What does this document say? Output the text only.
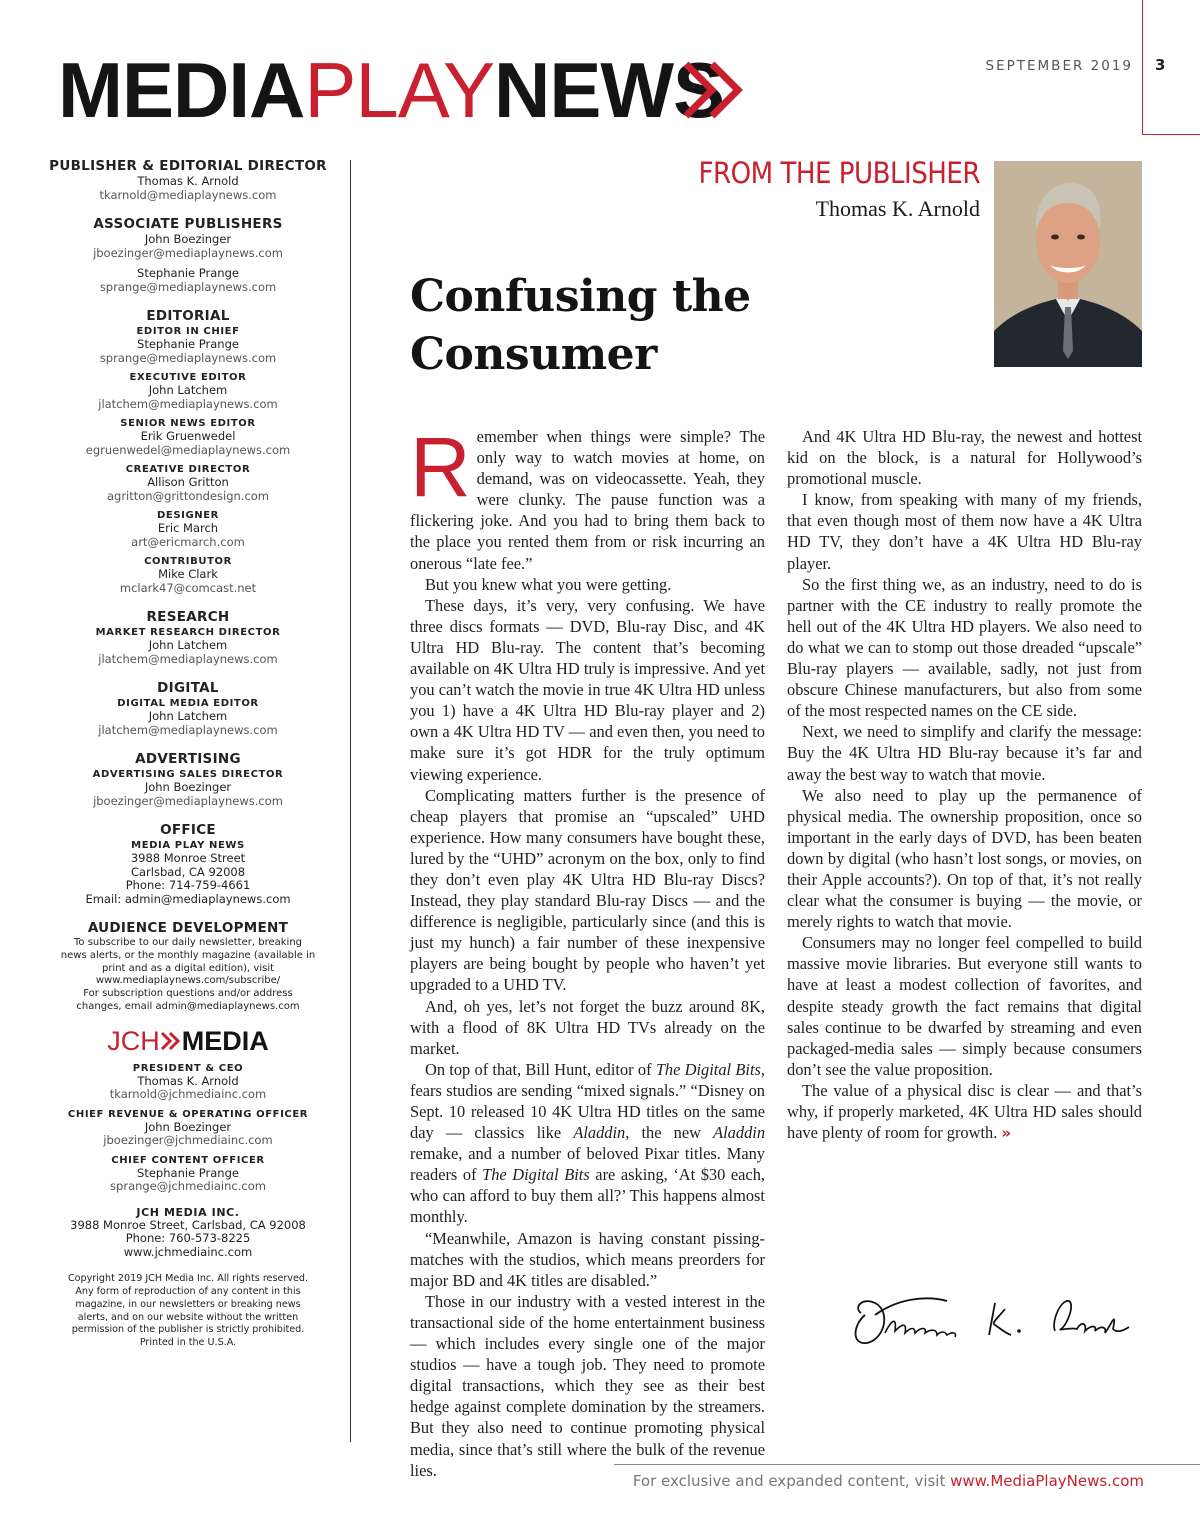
MEDIAPLAYNEWS	SEPTEMBER 2019 3
PUBLISHER & EDITORIAL DIRECTOR
Thomas K. Arnold
tkarnold@mediaplaynews.com
ASSOCIATE PUBLISHERS
John Boezinger
jboezinger@mediaplaynews.com
Stephanie Prange
sprange@mediaplaynews.com
EDITORIAL
EDITOR IN CHIEF
Stephanie Prange
sprange@mediaplaynews.com
EXECUTIVE EDITOR
John Latchem
jlatchem@mediaplaynews.com
SENIOR NEWS EDITOR
Erik Gruenwedel
egruenwedel@mediaplaynews.com
CREATIVE DIRECTOR
Allison Gritton
agritton@grittondesign.com
DESIGNER
Eric March
art@ericmarch.com
CONTRIBUTOR
Mike Clark
mclark47@comcast.net
RESEARCH
MARKET RESEARCH DIRECTOR
John Latchem
jlatchem@mediaplaynews.com
DIGITAL
DIGITAL MEDIA EDITOR
John Latchem
jlatchem@mediaplaynews.com
ADVERTISING
ADVERTISING SALES DIRECTOR
John Boezinger
jboezinger@mediaplaynews.com
OFFICE
MEDIA PLAY NEWS
3988 Monroe Street
Carlsbad, CA 92008
Phone: 714-759-4661
Email: admin@mediaplaynews.com
AUDIENCE DEVELOPMENT
To subscribe to our daily newsletter, breaking
news alerts, or the monthly magazine (available in
print and as a digital edition), visit
www.mediaplaynews.com/subscribe/
For subscription questions and/or address
changes, email admin@mediaplaynews.com
JCH MEDIA
PRESIDENT & CEO
Thomas K. Arnold
tkarnold@jchmediainc.com
CHIEF REVENUE & OPERATING OFFICER
John Boezinger
jboezinger@jchmediainc.com
CHIEF CONTENT OFFICER
Stephanie Prange
sprange@jchmediainc.com
JCH MEDIA INC.
3988 Monroe Street, Carlsbad, CA 92008
Phone: 760-573-8225
www.jchmediainc.com
Copyright 2019 JCH Media Inc. All rights reserved.
Any form of reproduction of any content in this
magazine, in our newsletters or breaking news
alerts, and on our website without the written
permission of the publisher is strictly prohibited.
Printed in the U.S.A.
FROM THE PUBLISHER
Thomas K. Arnold
Confusing the
Consumer

Remember when things were simple? The only way to watch movies at home, on demand, was on videocassette. Yeah, they were clunky. The pause function was a flickering joke. And you had to bring them back to the place you rented them from or risk incurring an onerous “late fee.”

But you knew what you were getting.

These days, it’s very, very confusing. We have three discs formats — DVD, Blu-ray Disc, and 4K Ultra HD Blu-ray. The content that’s becoming available on 4K Ultra HD truly is impressive. And yet you can’t watch the movie in true 4K Ultra HD unless you 1) have a 4K Ultra HD Blu-ray player and 2) own a 4K Ultra HD TV — and even then, you need to make sure it’s got HDR for the truly optimum viewing experience.

Complicating matters further is the presence of cheap players that promise an “upscaled” UHD experience. How many consumers have bought these, lured by the “UHD” acronym on the box, only to find they don’t even play 4K Ultra HD Blu-ray Discs? Instead, they play standard Blu-ray Discs — and the difference is negligible, particularly since (and this is just my hunch) a fair number of these inexpensive players are being bought by people who haven’t yet upgraded to a UHD TV.

And, oh yes, let’s not forget the buzz around 8K, with a flood of 8K Ultra HD TVs already on the market.

On top of that, Bill Hunt, editor of The Digital Bits, fears studios are sending “mixed signals.” “Disney on Sept. 10 released 10 4K Ultra HD titles on the same day — classics like Aladdin, the new Aladdin remake, and a number of beloved Pixar titles. Many readers of The Digital Bits are asking, ‘At $30 each, who can afford to buy them all?’ This happens almost monthly.

“Meanwhile, Amazon is having constant pissing-matches with the studios, which means preorders for major BD and 4K titles are disabled.”

Those in our industry with a vested interest in the transactional side of the home entertainment business — which includes every single one of the major studios — have a tough job. They need to promote digital transactions, which they see as their best hedge against complete domination by the streamers. But they also need to continue promoting physical media, since that’s still where the bulk of the revenue lies.

And 4K Ultra HD Blu-ray, the newest and hottest kid on the block, is a natural for Hollywood’s promotional muscle.

I know, from speaking with many of my friends, that even though most of them now have a 4K Ultra HD TV, they don’t have a 4K Ultra HD Blu-ray player.

So the first thing we, as an industry, need to do is partner with the CE industry to really promote the hell out of the 4K Ultra HD players. We also need to do what we can to stomp out those dreaded “upscale” Blu-ray players — available, sadly, not just from obscure Chinese manufacturers, but also from some of the most respected names on the CE side.

Next, we need to simplify and clarify the message: Buy the 4K Ultra HD Blu-ray because it’s far and away the best way to watch that movie.

We also need to play up the permanence of physical media. The ownership proposition, once so important in the early days of DVD, has been beaten down by digital (who hasn’t lost songs, or movies, on their Apple accounts?). On top of that, it’s not really clear what the consumer is buying — the movie, or merely rights to watch that movie.

Consumers may no longer feel compelled to build massive movie libraries. But everyone still wants to have at least a modest collection of favorites, and despite steady growth the fact remains that digital sales continue to be dwarfed by streaming and even packaged-media sales — simply because consumers don’t see the value proposition.

The value of a physical disc is clear — and that’s why, if properly marketed, 4K Ultra HD sales should have plenty of room for growth. »

For exclusive and expanded content, visit www.MediaPlayNews.com
